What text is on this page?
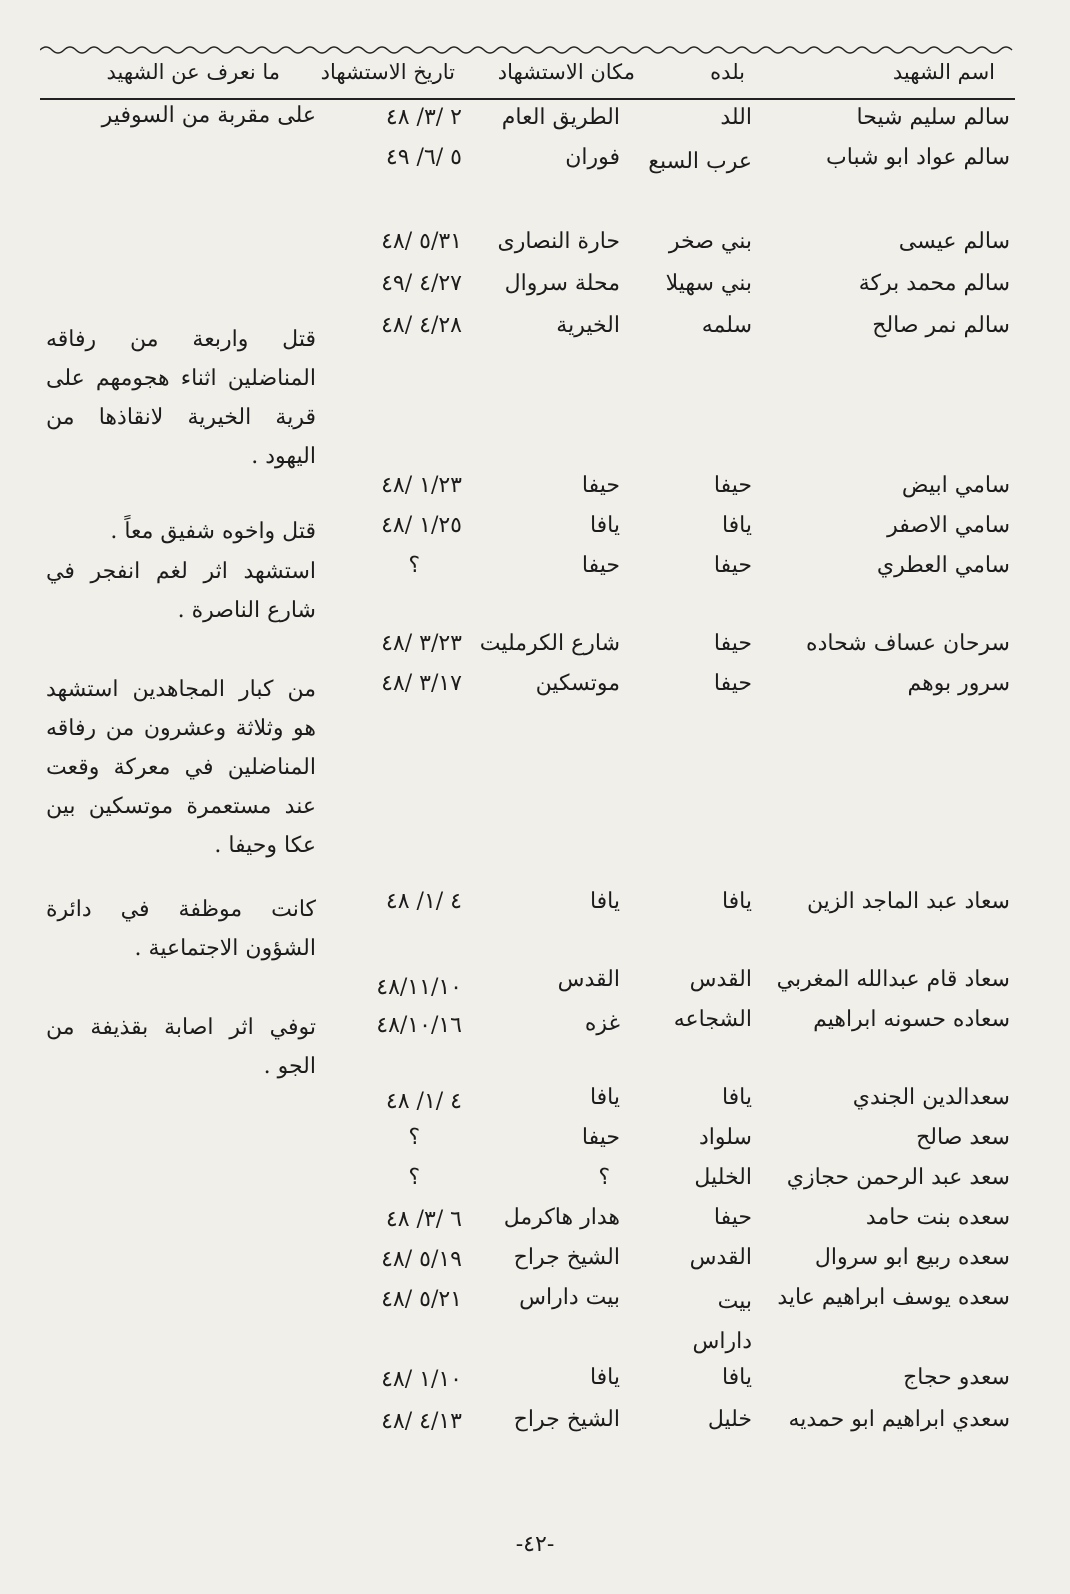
اسم الشهيد
بلده
مكان الاستشهاد
تاريخ الاستشهاد
ما نعرف عن الشهيد
سالم سليم شيحا
اللد
الطريق العام
٢ /٣/ ٤٨
سالم عواد ابو شباب
عرب السبع
فوران
٥ /٦/ ٤٩
سالم عيسى
بني صخر
حارة النصارى
٥/٣١ /٤٨
سالم محمد بركة
بني سهيلا
محلة سروال
٤/٢٧ /٤٩
سالم نمر صالح
سلمه
الخيرية
٤/٢٨ /٤٨
سامي ابيض
حيفا
حيفا
١/٢٣ /٤٨
سامي الاصفر
يافا
يافا
١/٢٥ /٤٨
سامي العطري
حيفا
حيفا
؟
سرحان عساف شحاده
حيفا
شارع الكرمليت
٣/٢٣ /٤٨
سرور بوهم
حيفا
موتسكين
٣/١٧ /٤٨
سعاد عبد الماجد الزين
يافا
يافا
٤ /١/ ٤٨
سعاد قام عبدالله المغربي
القدس
القدس
٤٨/١١/١٠
سعاده حسونه ابراهيم
الشجاعه
غزه
٤٨/١٠/١٦
سعدالدين الجندي
يافا
يافا
٤ /١/ ٤٨
سعد صالح
سلواد
حيفا
؟
سعد عبد الرحمن حجازي
الخليل
؟
؟
سعده بنت حامد
حيفا
هدار هاكرمل
٦ /٣/ ٤٨
سعده ربيع ابو سروال
القدس
الشيخ جراح
٥/١٩ /٤٨
سعده يوسف ابراهيم عايد
بيت داراس
بيت داراس
٥/٢١ /٤٨
سعدو حجاج
يافا
يافا
١/١٠ /٤٨
سعدي ابراهيم ابو حمديه
خليل
الشيخ جراح
٤/١٣ /٤٨
على مقربة من السوفير
قتل واربعة من رفاقه المناضلين اثناء هجومهم على قرية الخيرية لانقاذها من اليهود .
قتل واخوه شفيق معاً .
استشهد اثر لغم انفجر في شارع الناصرة .
من كبار المجاهدين استشهد هو وثلاثة وعشرون من رفاقه المناضلين في معركة وقعت عند مستعمرة موتسكين بين عكا وحيفا .
كانت موظفة في دائرة الشؤون الاجتماعية .
توفي اثر اصابة بقذيفة من الجو .
-٤٢-
